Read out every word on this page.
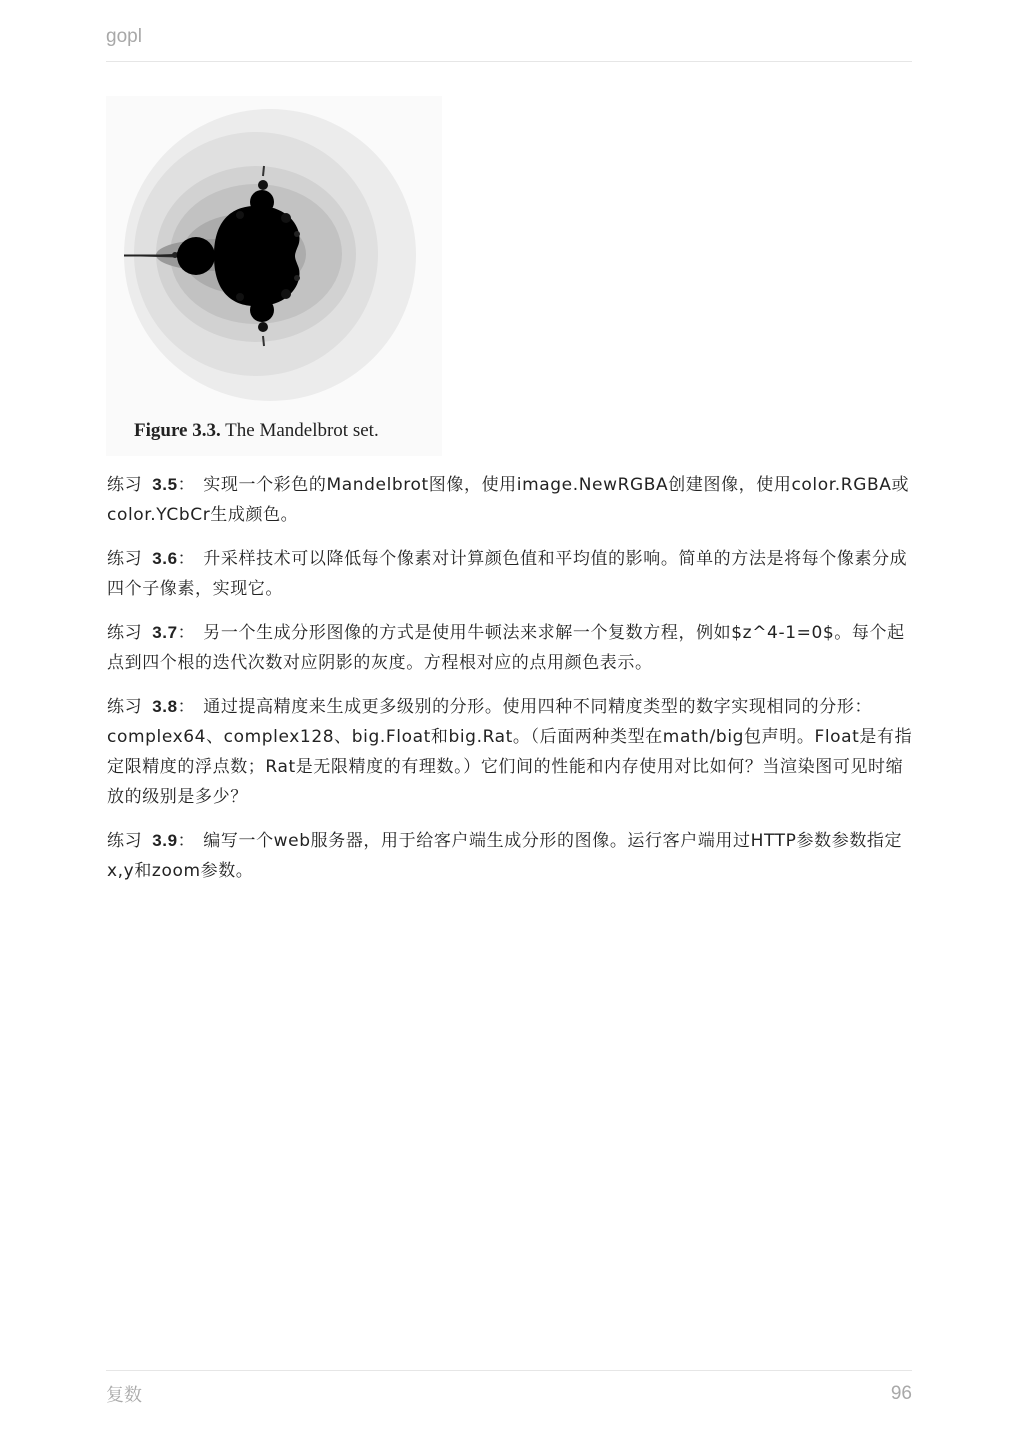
gopl
Figure 3.3. The Mandelbrot set.

练习 3.5： 实现一个彩色的Mandelbrot图像，使用image.NewRGBA创建图像，使用color.RGBA或color.YCbCr生成颜色。

练习 3.6： 升采样技术可以降低每个像素对计算颜色值和平均值的影响。简单的方法是将每个像素分成四个子像素，实现它。

练习 3.7： 另一个生成分形图像的方式是使用牛顿法来求解一个复数方程，例如$z^4-1=0$。每个起点到四个根的迭代次数对应阴影的灰度。方程根对应的点用颜色表示。

练习 3.8： 通过提高精度来生成更多级别的分形。使用四种不同精度类型的数字实现相同的分形：complex64、complex128、big.Float和big.Rat。（后面两种类型在math/big包声明。Float是有指定限精度的浮点数；Rat是无限精度的有理数。）它们间的性能和内存使用对比如何？当渲染图可见时缩放的级别是多少？

练习 3.9： 编写一个web服务器，用于给客户端生成分形的图像。运行客户端用过HTTP参数参数指定x,y和zoom参数。

复数	96
